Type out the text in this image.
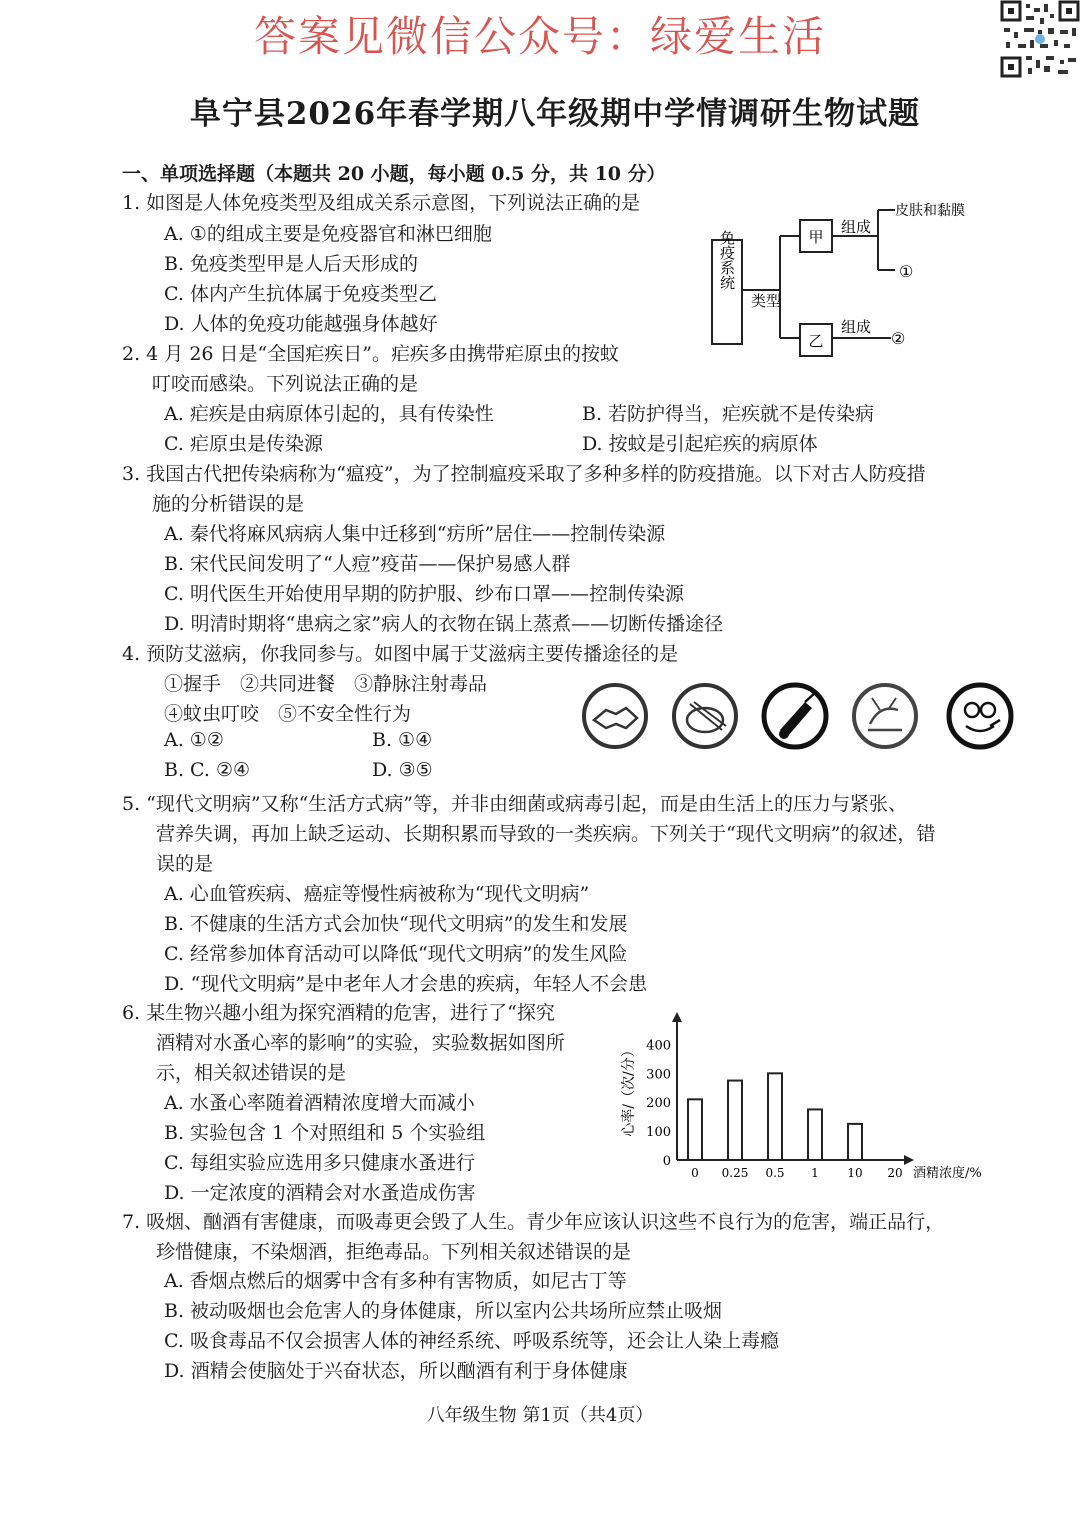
答案见微信公众号：绿爱生活
阜宁县2026年春学期八年级期中学情调研生物试题
一、单项选择题（本题共 20 小题，每小题 0.5 分，共 10 分）
1. 如图是人体免疫类型及组成关系示意图，下列说法正确的是
A. ①的组成主要是免疫器官和淋巴细胞
B. 免疫类型甲是人后天形成的
C. 体内产生抗体属于免疫类型乙
D. 人体的免疫功能越强身体越好
免疫系统
类型
甲
乙
组成
皮肤和黏膜
①
组成
②
2. 4 月 26 日是“全国疟疾日”。疟疾多由携带疟原虫的按蚊
叮咬而感染。下列说法正确的是
A. 疟疾是由病原体引起的，具有传染性	B. 若防护得当，疟疾就不是传染病
C. 疟原虫是传染源	D. 按蚊是引起疟疾的病原体
3. 我国古代把传染病称为“瘟疫”，为了控制瘟疫采取了多种多样的防疫措施。以下对古人防疫措
施的分析错误的是
A. 秦代将麻风病病人集中迁移到“疠所”居住——控制传染源
B. 宋代民间发明了“人痘”疫苗——保护易感人群
C. 明代医生开始使用早期的防护服、纱布口罩——控制传染源
D. 明清时期将“患病之家”病人的衣物在锅上蒸煮——切断传播途径
4. 预防艾滋病，你我同参与。如图中属于艾滋病主要传播途径的是
①握手　②共同进餐　③静脉注射毒品
④蚊虫叮咬　⑤不安全性行为
A. ①②	B. ①④
B. C. ②④	D. ③⑤
5. “现代文明病”又称“生活方式病”等，并非由细菌或病毒引起，而是由生活上的压力与紧张、
营养失调，再加上缺乏运动、长期积累而导致的一类疾病。下列关于“现代文明病”的叙述，错
误的是
A. 心血管疾病、癌症等慢性病被称为“现代文明病”
B. 不健康的生活方式会加快“现代文明病”的发生和发展
C. 经常参加体育活动可以降低“现代文明病”的发生风险
D. “现代文明病”是中老年人才会患的疾病，年轻人不会患
6. 某生物兴趣小组为探究酒精的危害，进行了“探究
酒精对水蚤心率的影响”的实验，实验数据如图所
示，相关叙述错误的是
A. 水蚤心率随着酒精浓度增大而减小
B. 实验包含 1 个对照组和 5 个实验组
C. 每组实验应选用多只健康水蚤进行
D. 一定浓度的酒精会对水蚤造成伤害
心率/（次/分）
0
100
200
300
400
0 0.25 0.5 1 10 20 酒精浓度/%
7. 吸烟、酗酒有害健康，而吸毒更会毁了人生。青少年应该认识这些不良行为的危害，端正品行，
珍惜健康，不染烟酒，拒绝毒品。下列相关叙述错误的是
A. 香烟点燃后的烟雾中含有多种有害物质，如尼古丁等
B. 被动吸烟也会危害人的身体健康，所以室内公共场所应禁止吸烟
C. 吸食毒品不仅会损害人体的神经系统、呼吸系统等，还会让人染上毒瘾
D. 酒精会使脑处于兴奋状态，所以酗酒有利于身体健康
八年级生物 第1页（共4页）
